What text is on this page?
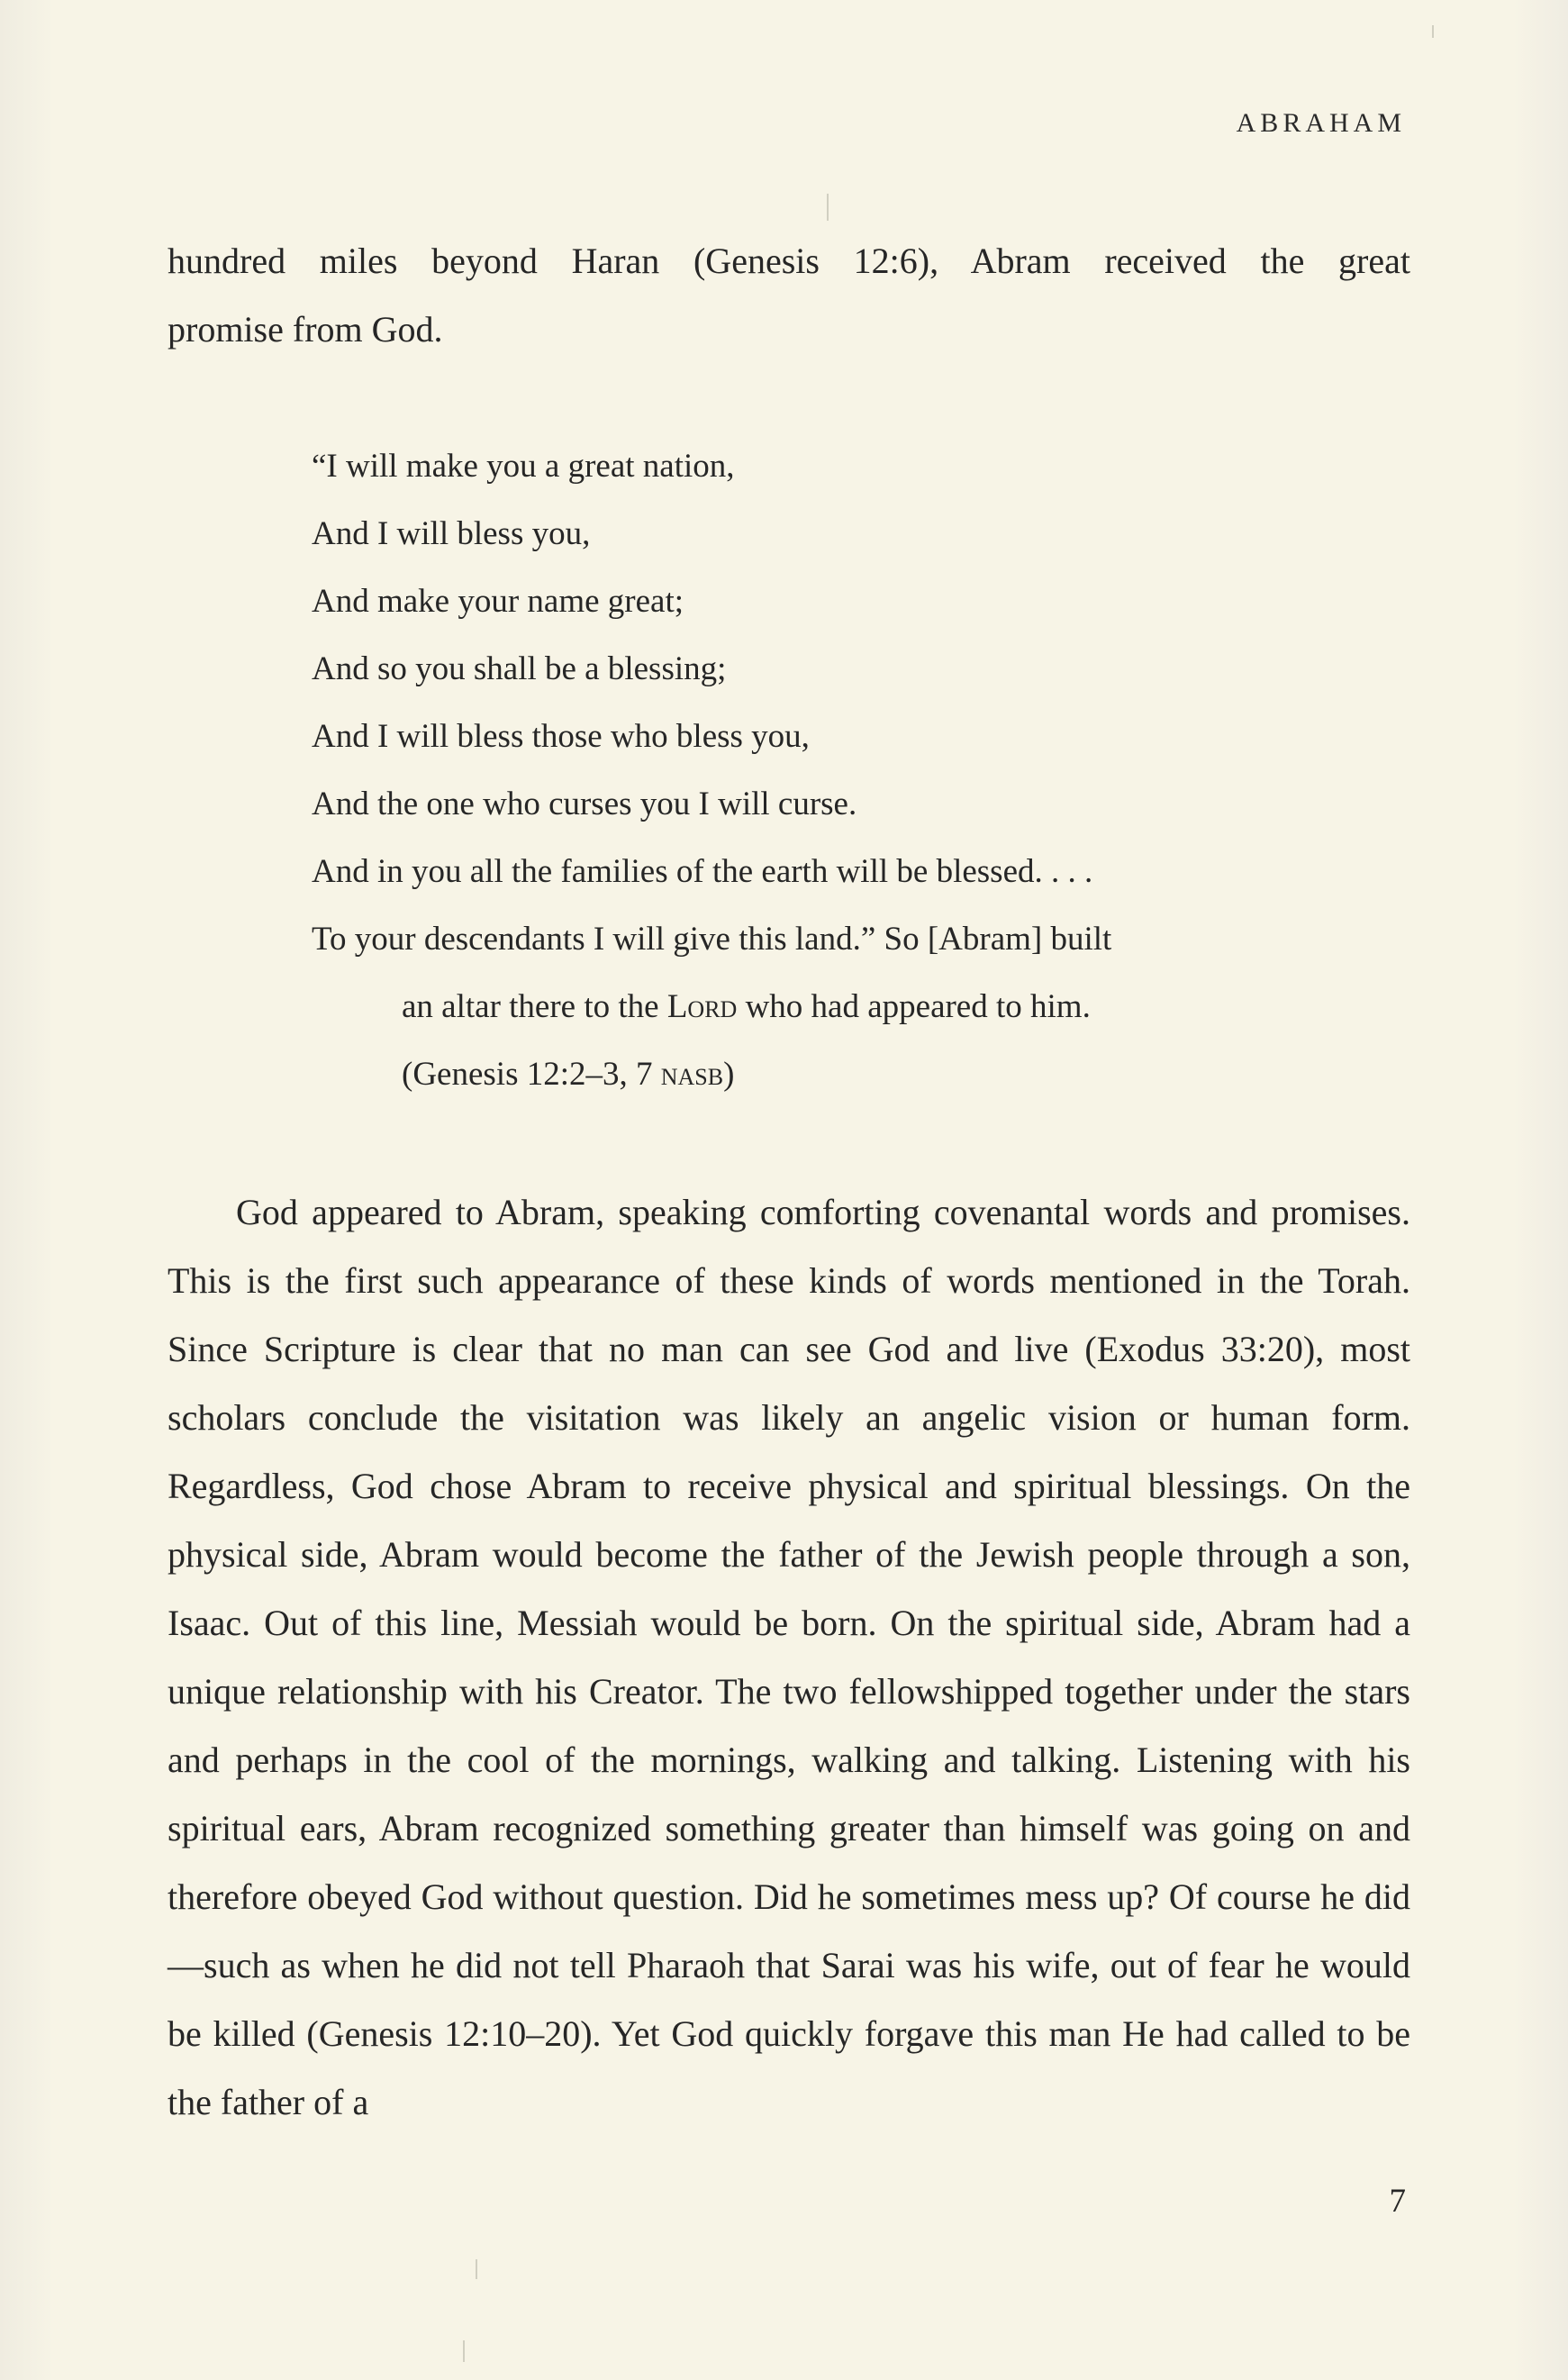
ABRAHAM

hundred miles beyond Haran (Genesis 12:6), Abram received the great
promise from God.

“I will make you a great nation,
And I will bless you,
And make your name great;
And so you shall be a blessing;
And I will bless those who bless you,
And the one who curses you I will curse.
And in you all the families of the earth will be blessed. . . .
To your descendants I will give this land.” So [Abram] built
an altar there to the Lord who had appeared to him.
(Genesis 12:2–3, 7 nasb)

God appeared to Abram, speaking comforting covenantal words and promises. This is the first such appearance of these kinds of words mentioned in the Torah. Since Scripture is clear that no man can see God and live (Exodus 33:20), most scholars conclude the visitation was likely an angelic vision or human form. Regardless, God chose Abram to receive physical and spiritual blessings. On the physical side, Abram would become the father of the Jewish people through a son, Isaac. Out of this line, Messiah would be born. On the spiritual side, Abram had a unique relationship with his Creator. The two fellowshipped together under the stars and perhaps in the cool of the mornings, walking and talking. Listening with his spiritual ears, Abram recognized something greater than himself was going on and therefore obeyed God without question. Did he sometimes mess up? Of course he did—such as when he did not tell Pharaoh that Sarai was his wife, out of fear he would be killed (Genesis 12:10–20). Yet God quickly forgave this man He had called to be the father of a

7
